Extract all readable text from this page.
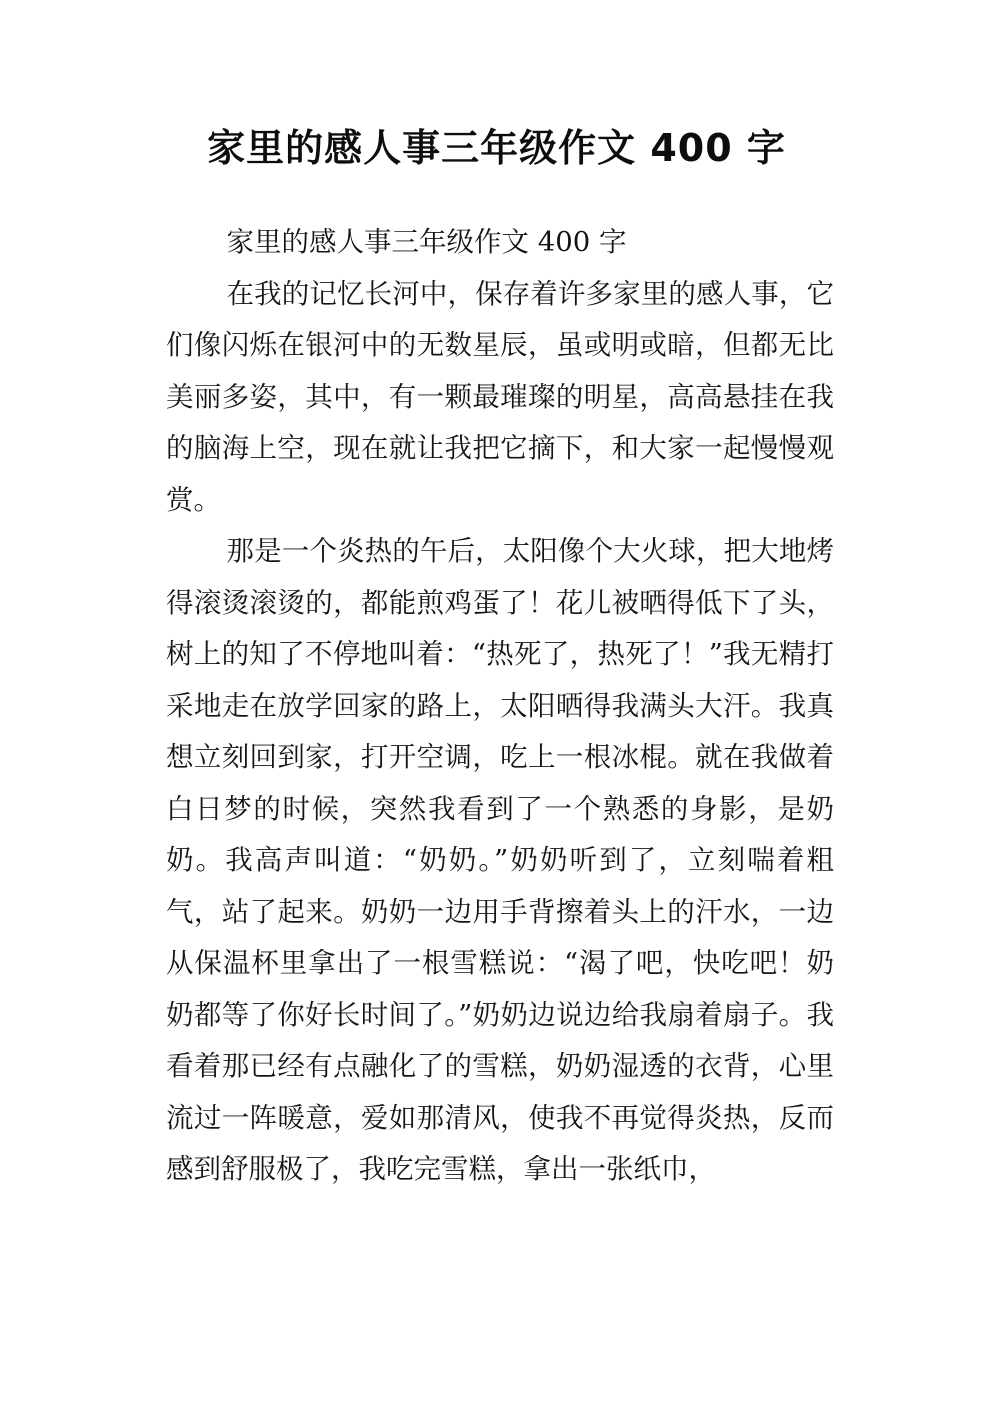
家里的感人事三年级作文 400 字

家里的感人事三年级作文 400 字

在我的记忆长河中，保存着许多家里的感人事，它们像闪烁在银河中的无数星辰，虽或明或暗，但都无比美丽多姿，其中，有一颗最璀璨的明星，高高悬挂在我的脑海上空，现在就让我把它摘下，和大家一起慢慢观赏。

那是一个炎热的午后，太阳像个大火球，把大地烤得滚烫滚烫的，都能煎鸡蛋了！花儿被晒得低下了头，树上的知了不停地叫着：“热死了，热死了！”我无精打采地走在放学回家的路上，太阳晒得我满头大汗。我真想立刻回到家，打开空调，吃上一根冰棍。就在我做着白日梦的时候，突然我看到了一个熟悉的身影，是奶奶。我高声叫道：“奶奶。”奶奶听到了，立刻喘着粗气，站了起来。奶奶一边用手背擦着头上的汗水，一边从保温杯里拿出了一根雪糕说：“渴了吧，快吃吧！奶奶都等了你好长时间了。”奶奶边说边给我扇着扇子。我看着那已经有点融化了的雪糕，奶奶湿透的衣背，心里流过一阵暖意，爱如那清风，使我不再觉得炎热，反而感到舒服极了，我吃完雪糕，拿出一张纸巾，
